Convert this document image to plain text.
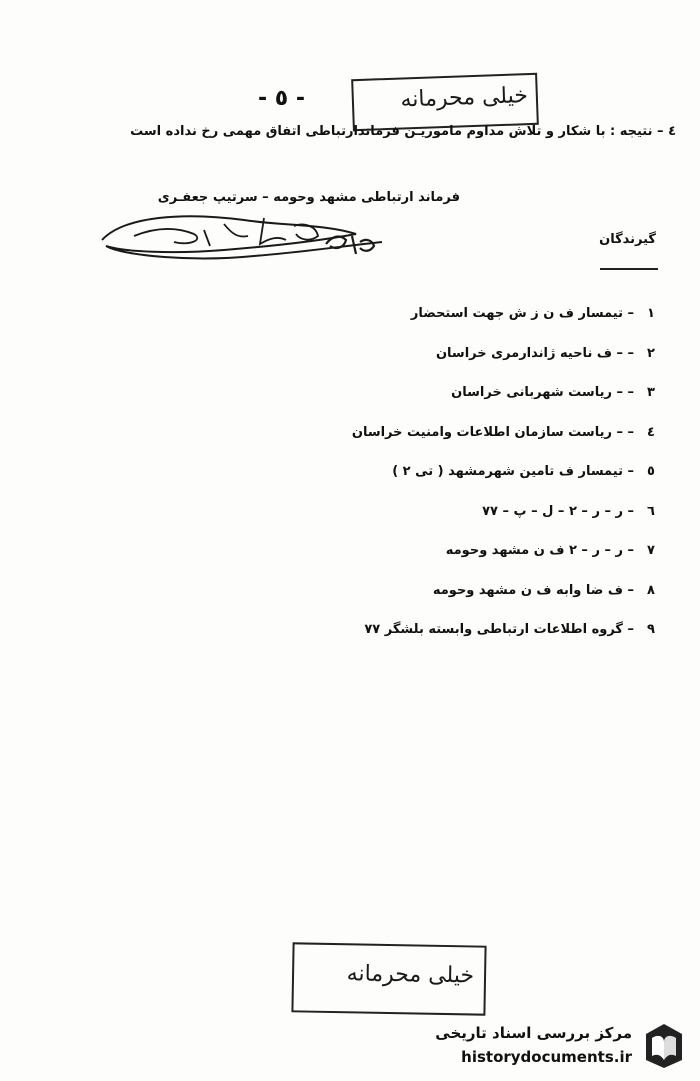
- ٥ -	خیلی محرمانه
٤ – نتیجه : با شکار و تلاش مداوم ماموریـن فرماندارتباطی اتفاق مهمی رخ نداده است
فرماند ارتباطی مشهد وحومه – سرتیپ جعفـری
گیرندگان
١
– تیمسار ف ن ز ش جهت استحضار
٢
– – ف ناحیه ژاندارمری خراسان
٣
– – ریاست شهربانی خراسان
٤
– – ریاست سازمان اطلاعات وامنیت خراسان
٥
– تیمسار ف تامین شهرمشهد ( تی ٢ )
٦
– ر – ر – ٢ – ل – پ – ٧٧
٧
– ر – ر – ٢ ف ن مشهد وحومه
٨
– ف ضا وابه ف ن مشهد وحومه
٩
– گروه اطلاعات ارتباطی وابسته بلشگر ٧٧
خیلی محرمانه
مرکز بررسی اسناد تاریخی
historydocuments.ir
